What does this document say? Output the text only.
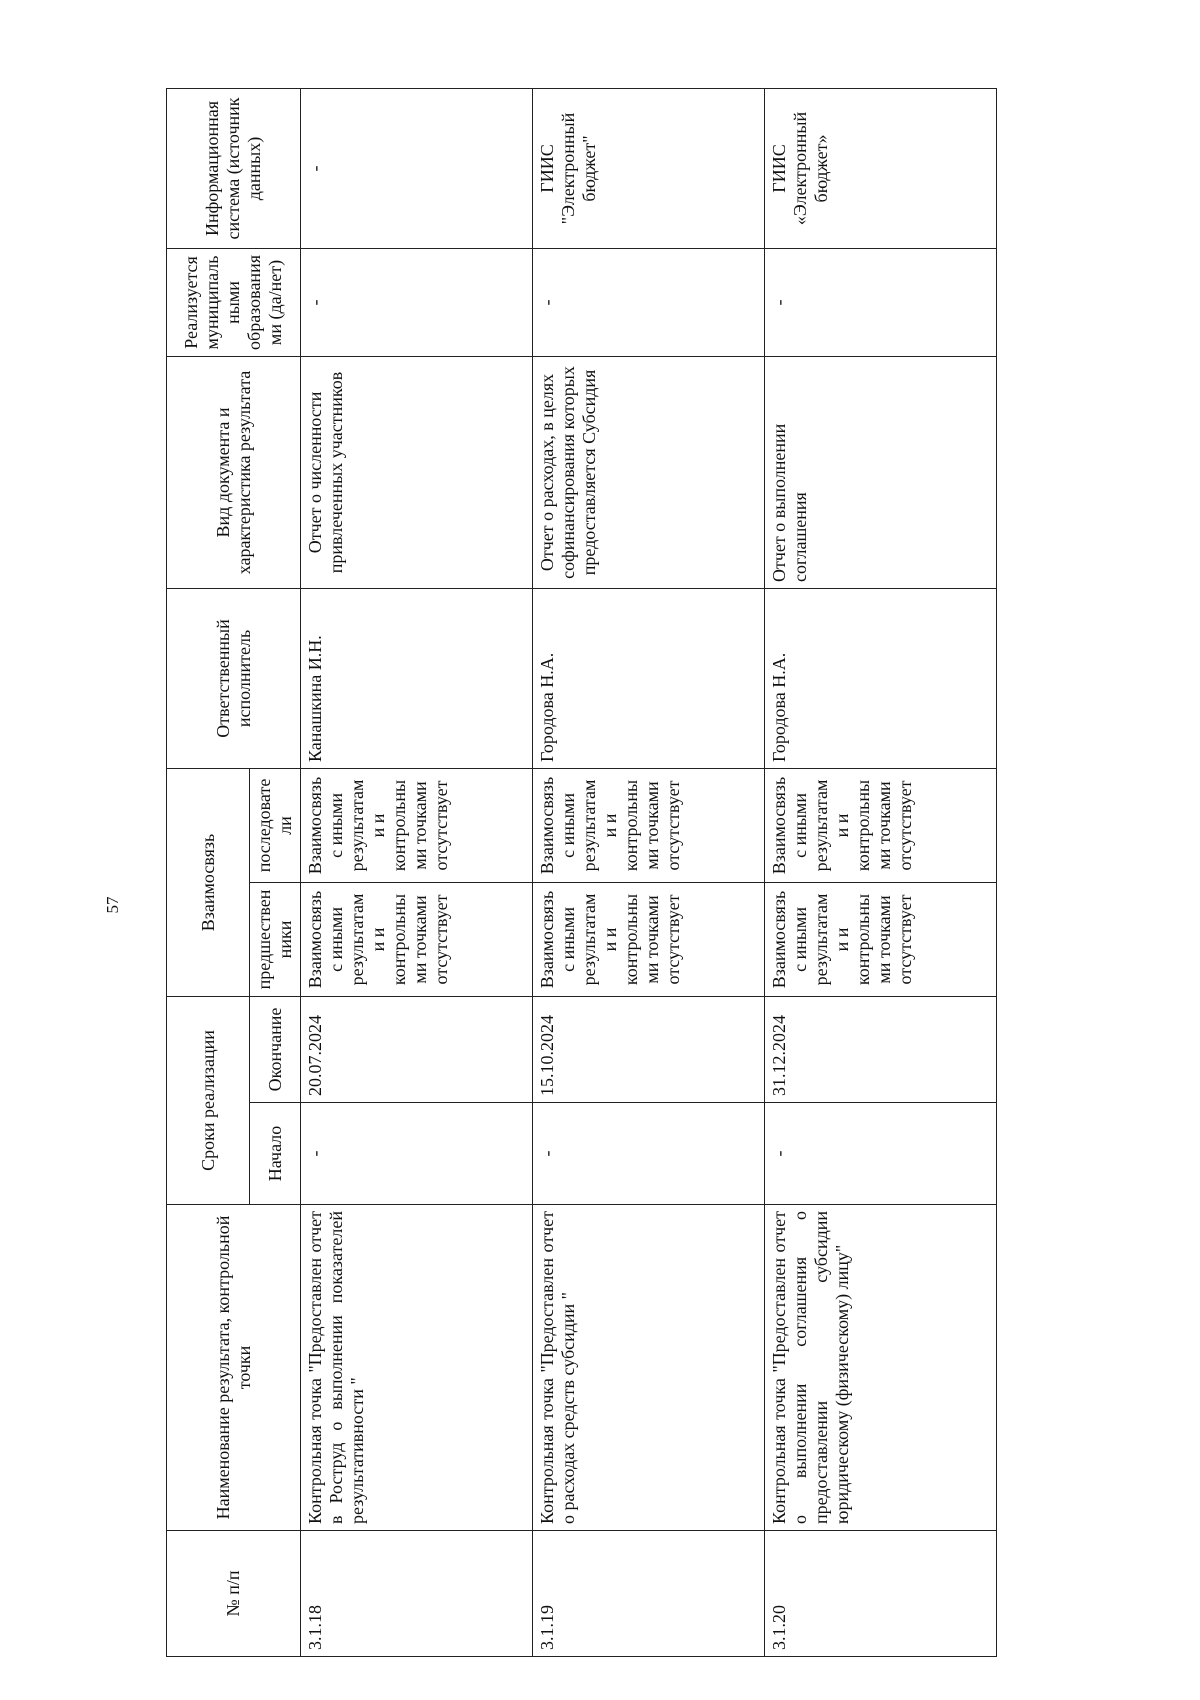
57
№ п/п	Наименование результата, контрольной точки	Сроки реализации		Взаимосвязь		Ответственный исполнитель	Вид документа и характеристика результата	Реализуется муниципальными образованиями (да/нет)	Информационная система (источник данных)
		Начало	Окончание	предшественники	последователи				
3.1.18	Контрольная точка "Предоставлен отчет в Роструд о выполнении показателей результативности "	-	20.07.2024	Взаимосвязь с иными результатами и контрольными точками отсутствует	Взаимосвязь с иными результатами и контрольными точками отсутствует	Канашкина И.Н.	Отчет о численности привлеченных участников	-	-
3.1.19	Контрольная точка "Предоставлен отчет о расходах средств субсидии "	-	15.10.2024	Взаимосвязь с иными результатами и контрольными точками отсутствует	Взаимосвязь с иными результатами и контрольными точками отсутствует	Городова Н.А.	Отчет о расходах, в целях софинансирования которых предоставляется Субсидия	-	ГИИС "Электронный бюджет"
3.1.20	Контрольная точка "Предоставлен отчет о выполнении соглашения о предоставлении субсидии юридическому (физическому) лицу"	-	31.12.2024	Взаимосвязь с иными результатами и контрольными точками отсутствует	Взаимосвязь с иными результатами и контрольными точками отсутствует	Городова Н.А.	Отчет о выполнении соглашения	-	ГИИС «Электронный бюджет»
